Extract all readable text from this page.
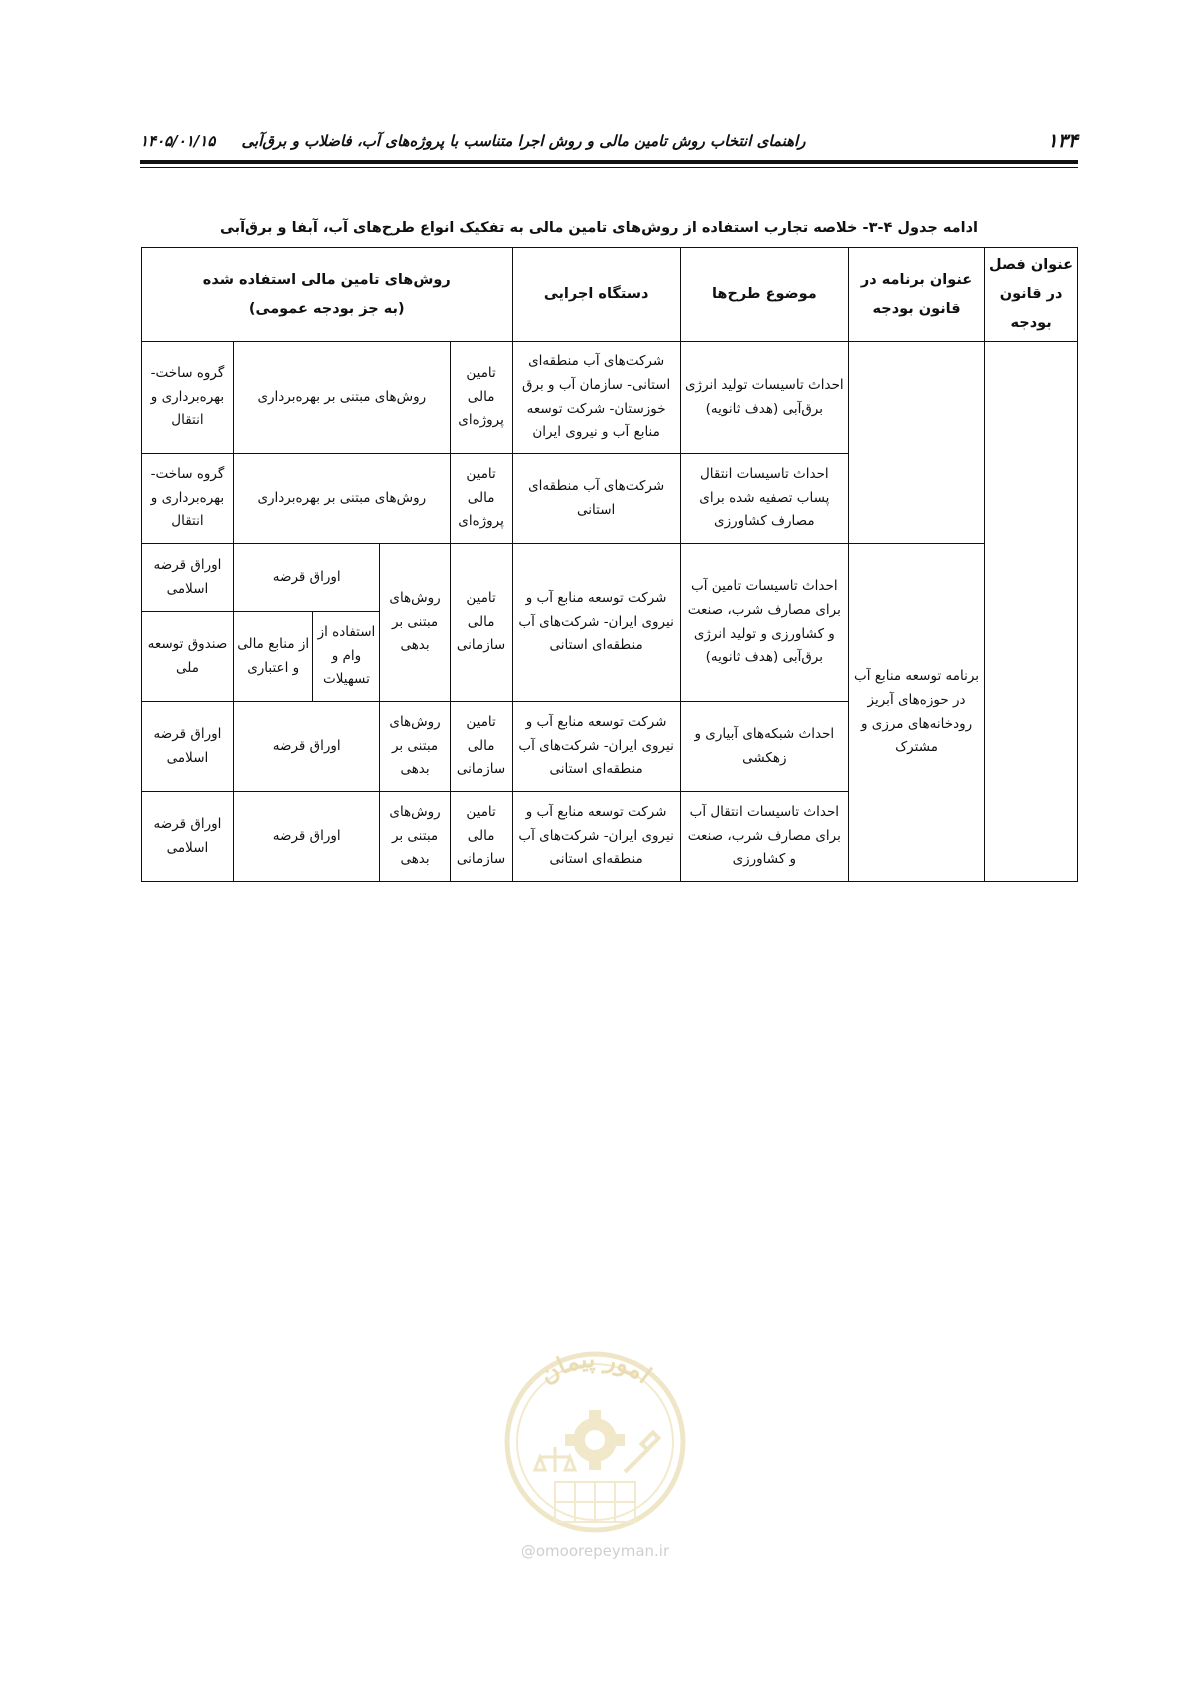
۱۳۴
راهنمای انتخاب روش تامین مالی و روش اجرا متناسب با پروژه‌های آب، فاضلاب و برق‌آبی     ۱۴۰۵/۰۱/۱۵
ادامه جدول ۴-۳- خلاصه تجارب استفاده از روش‌های تامین مالی به تفکیک انواع طرح‌های آب، آبفا و برق‌آبی
عنوان فصل در قانون بودجه	عنوان برنامه در قانون بودجه	موضوع طرح‌ها	دستگاه اجرایی	روش‌های تامین مالی استفاده شده
(به جز بودجه عمومی)				

		احداث تاسیسات تولید انرژی برق‌آبی (هدف ثانویه)	شرکت‌های آب منطقه‌ای استانی- سازمان آب و برق خوزستان- شرکت توسعه منابع آب و نیروی ایران	تامین مالی پروژه‌ای	روش‌های مبتنی بر بهره‌برداری			گروه ساخت- بهره‌برداری و انتقال
		احداث تاسیسات انتقال پساب تصفیه شده برای مصارف کشاورزی	شرکت‌های آب منطقه‌ای استانی	تامین مالی پروژه‌ای	روش‌های مبتنی بر بهره‌برداری			گروه ساخت- بهره‌برداری و انتقال
	برنامه توسعه منابع آب در حوزه‌های آبریز رودخانه‌های مرزی و مشترک	احداث تاسیسات تامین آب برای مصارف شرب، صنعت و کشاورزی و تولید انرژی برق‌آبی (هدف ثانویه)	شرکت توسعه منابع آب و نیروی ایران- شرکت‌های آب منطقه‌ای استانی	تامین مالی سازمانی	روش‌های مبتنی بر بدهی	اوراق قرضه		اوراق قرضه اسلامی
						استفاده از وام و تسهیلات	از منابع مالی و اعتباری	صندوق توسعه ملی
		احداث شبکه‌های آبیاری و زهکشی	شرکت توسعه منابع آب و نیروی ایران- شرکت‌های آب منطقه‌ای استانی	تامین مالی سازمانی	روش‌های مبتنی بر بدهی	اوراق قرضه		اوراق قرضه اسلامی
		احداث تاسیسات انتقال آب برای مصارف شرب، صنعت و کشاورزی	شرکت توسعه منابع آب و نیروی ایران- شرکت‌های آب منطقه‌ای استانی	تامین مالی سازمانی	روش‌های مبتنی بر بدهی	اوراق قرضه		اوراق قرضه اسلامی
امور پیمان
@omoorepeyman.ir
